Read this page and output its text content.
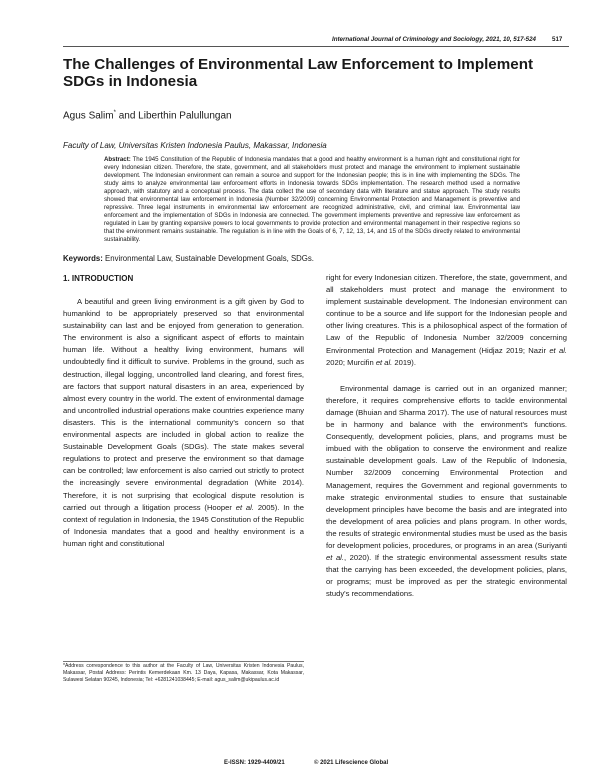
International Journal of Criminology and Sociology, 2021, 10, 517-524	517
The Challenges of Environmental Law Enforcement to Implement SDGs in Indonesia
Agus Salim* and Liberthin Palullungan
Faculty of Law, Universitas Kristen Indonesia Paulus, Makassar, Indonesia
Abstract: The 1945 Constitution of the Republic of Indonesia mandates that a good and healthy environment is a human right and constitutional right for every Indonesian citizen. Therefore, the state, government, and all stakeholders must protect and manage the environment to implement sustainable development. The Indonesian environment can remain a source and support for the Indonesian people; this is in line with implementing the SDGs. The study aims to analyze environmental law enforcement efforts in Indonesia towards SDGs implementation. The research method used a normative approach, with statutory and a conceptual process. The data collect the use of secondary data with literature and statue approach. The study results showed that environmental law enforcement in Indonesia (Number 32/2009) concerning Environmental Protection and Management is preventive and repressive. Three legal instruments in environmental law enforcement are recognized administrative, civil, and criminal law. Environmental law enforcement and the implementation of SDGs in Indonesia are connected. The government implements preventive and repressive law enforcement as regulated in Law by granting expansive powers to local governments to provide protection and environmental management in their respective regions so that the environment remains sustainable. The regulation is in line with the Goals of 6, 7, 12, 13, 14, and 15 of the SDGs directly related to environmental sustainability.
Keywords: Environmental Law, Sustainable Development Goals, SDGs.
1. INTRODUCTION

A beautiful and green living environment is a gift given by God to humankind to be appropriately preserved so that environmental sustainability can last and be enjoyed from generation to generation. The environment is also a significant aspect of efforts to maintain human life. Without a healthy living environment, humans will undoubtedly find it difficult to survive. Problems in the ground, such as destruction, illegal logging, uncontrolled land clearing, and forest fires, are factors that support natural disasters in an area, experienced by almost every country in the world. The extent of environmental damage and uncontrolled industrial operations make countries experience many disasters. This is the international community's concern so that environmental aspects are included in global action to realize the Sustainable Development Goals (SDGs). The state makes several regulations to protect and preserve the environment so that damage can be controlled; law enforcement is also carried out strictly to protect the increasingly severe environmental degradation (White 2014). Therefore, it is not surprising that ecological dispute resolution is carried out through a litigation process (Hooper et al. 2005). In the context of regulation in Indonesia, the 1945 Constitution of the Republic of Indonesia mandates that a good and healthy environment is a human right and constitutional

right for every Indonesian citizen. Therefore, the state, government, and all stakeholders must protect and manage the environment to implement sustainable development. The Indonesian environment can continue to be a source and life support for the Indonesian people and other living creatures. This is a philosophical aspect of the formation of Law of the Republic of Indonesia Number 32/2009 concerning Environmental Protection and Management (Hidjaz 2019; Nazir et al. 2020; Murcifin et al. 2019).

Environmental damage is carried out in an organized manner; therefore, it requires comprehensive efforts to tackle environmental damage (Bhuian and Sharma 2017). The use of natural resources must be in harmony and balance with the environment's functions. Consequently, development policies, plans, and programs must be imbued with the obligation to conserve the environment and realize sustainable development goals. Law of the Republic of Indonesia, Number 32/2009 concerning Environmental Protection and Management, requires the Government and regional governments to make strategic environmental studies to ensure that sustainable development principles have become the basis and are integrated into the development of area policies and plans program. In other words, the results of strategic environmental studies must be used as the basis for development policies, procedures, or programs in an area (Suriyanti et al., 2020). If the strategic environmental assessment results state that the carrying has been exceeded, the development policies, plans, or programs; must be improved as per the strategic environmental study's recommendations.

*Address correspondence to this author at the Faculty of Law, Universitas Kristen Indonesia Paulus, Makassar, Postal Address: Perintis Kemerdekaan Km. 13 Daya, Kapasa, Makassar, Kota Makassar, Sulawesi Selatan 90245, Indonesia; Tel: +6281241038445; E-mail: agus_salim@ukipaulus.ac.id
E-ISSN: 1929-4409/21	© 2021 Lifescience Global
